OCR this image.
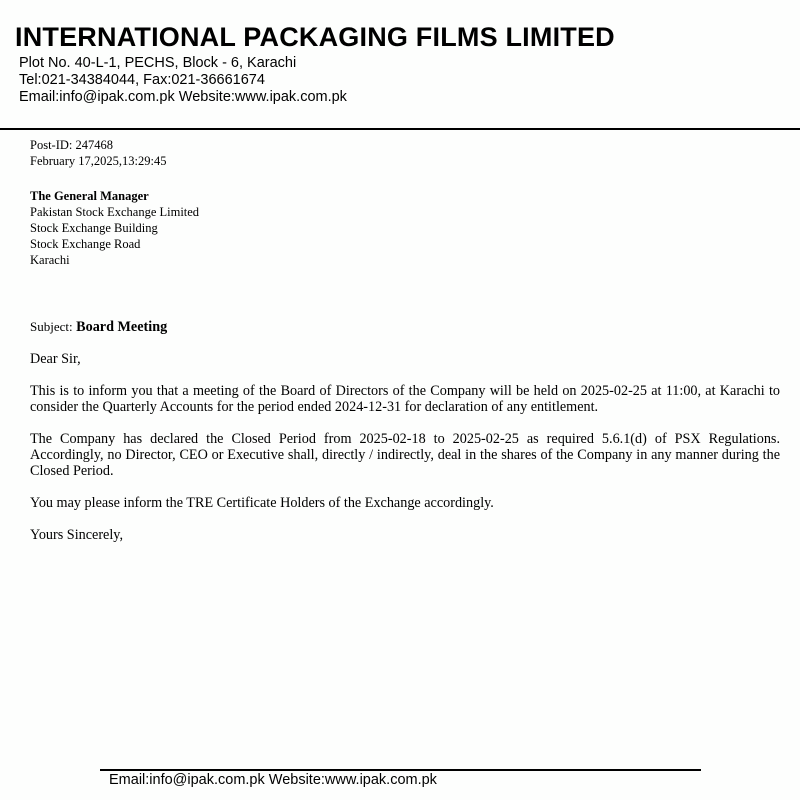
INTERNATIONAL PACKAGING FILMS LIMITED
Plot No. 40-L-1, PECHS, Block - 6, Karachi
Tel:021-34384044, Fax:021-36661674
Email:info@ipak.com.pk Website:www.ipak.com.pk
Post-ID: 247468
February 17,2025,13:29:45
The General Manager
Pakistan Stock Exchange Limited
Stock Exchange Building
Stock Exchange Road
Karachi
Subject: Board Meeting
Dear Sir,
This is to inform you that a meeting of the Board of Directors of the Company will be held on 2025-02-25 at 11:00, at Karachi to consider the Quarterly Accounts for the period ended 2024-12-31 for declaration of any entitlement.
The Company has declared the Closed Period from 2025-02-18 to 2025-02-25 as required 5.6.1(d) of PSX Regulations. Accordingly, no Director, CEO or Executive shall, directly / indirectly, deal in the shares of the Company in any manner during the Closed Period.
You may please inform the TRE Certificate Holders of the Exchange accordingly.
Yours Sincerely,
Email:info@ipak.com.pk Website:www.ipak.com.pk
